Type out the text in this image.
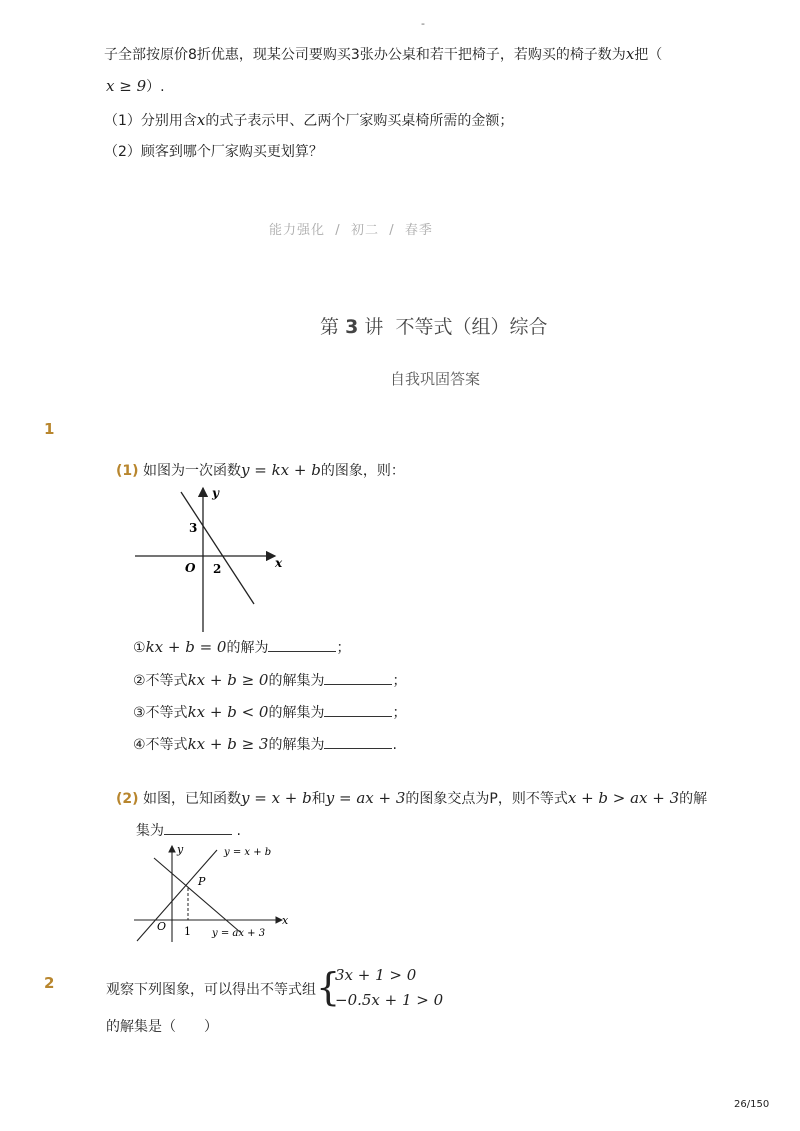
-
子全部按原价8折优惠，现某公司要购买3张办公桌和若干把椅子，若购买的椅子数为x把（
x ≥ 9）.
（1）分别用含x的式子表示甲、乙两个厂家购买桌椅所需的金额；
（2）顾客到哪个厂家购买更划算？
能力强化 / 初二 / 春季
第 3 讲 不等式（组）综合
自我巩固答案
1
(1) 如图为一次函数y = kx + b的图象，则：
y
x
O
3
2
①kx + b = 0的解为	；
②不等式kx + b ≥ 0的解集为	；
③不等式kx + b < 0的解集为	；
④不等式kx + b ≥ 3的解集为	.
(2) 如图，已知函数y = x + b和y = ax + 3的图象交点为P，则不等式x + b > ax + 3的解
集为	.
y
x
O 1
P
y = x + b
y = ax + 3
2	观察下列图象，可以得出不等式组 {
3x + 1 > 0
−0.5x + 1 > 0
的解集是（　　）
26/150
